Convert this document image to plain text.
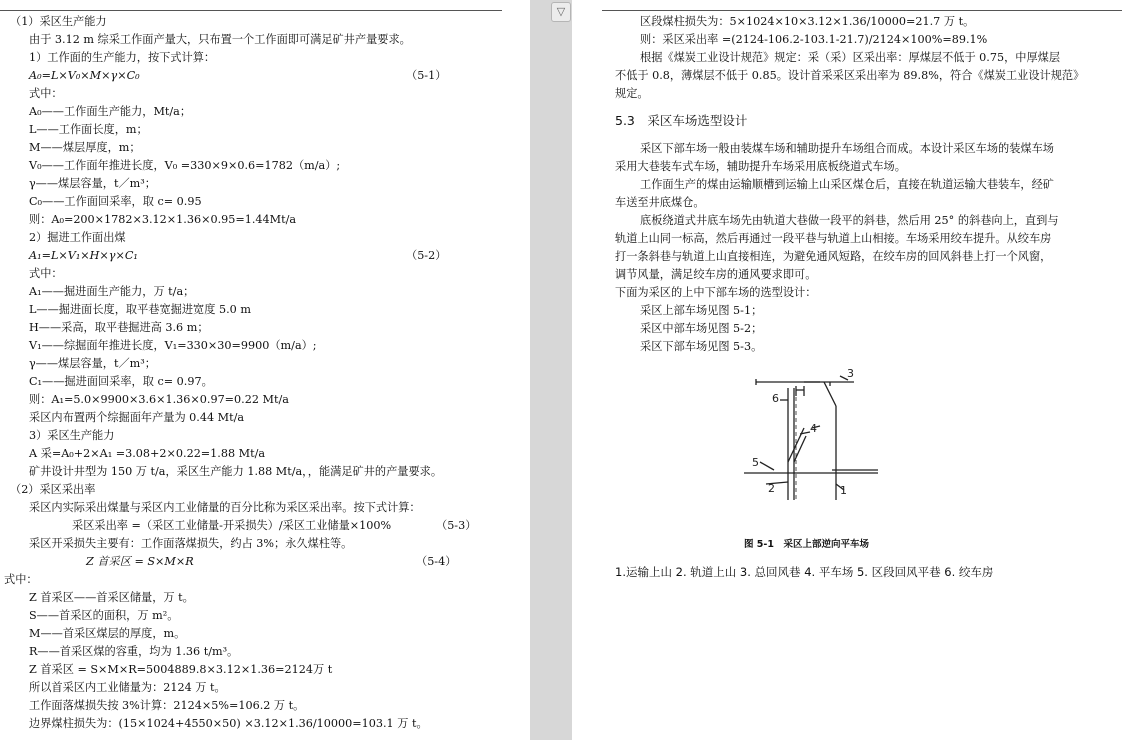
▽
（1）采区生产能力
由于 3.12 m 综采工作面产量大，只布置一个工作面即可满足矿井产量要求。
1）工作面的生产能力，按下式计算：
A₀=L×V₀×M×γ×C₀	（5-1）
式中：
A₀——工作面生产能力，Mt/a；
L——工作面长度，m；
M——煤层厚度，m；
V₀——工作面年推进长度，V₀ =330×9×0.6=1782（m/a）;
γ——煤层容量，t／m³；
C₀——工作面回采率，取 c= 0.95
则：A₀=200×1782×3.12×1.36×0.95=1.44Mt/a
2）掘进工作面出煤
A₁=L×V₁×H×γ×C₁	（5-2）
式中：
A₁——掘进面生产能力，万 t/a；
L——掘进面长度，取平巷宽掘进宽度 5.0 m
H——采高，取平巷掘进高 3.6 m；
V₁——综掘面年推进长度，V₁=330×30=9900（m/a）;
γ——煤层容量，t／m³；
C₁——掘进面回采率，取 c= 0.97。
则：A₁=5.0×9900×3.6×1.36×0.97=0.22 Mt/a
采区内布置两个综掘面年产量为 0.44 Mt/a
3）采区生产能力
A 采=A₀+2×A₁ =3.08+2×0.22=1.88 Mt/a
矿井设计井型为 150 万 t/a，采区生产能力 1.88 Mt/a，，能满足矿井的产量要求。
（2）采区采出率
采区内实际采出煤量与采区内工业储量的百分比称为采区采出率。按下式计算：
采区采出率 =（采区工业储量-开采损失）/采区工业储量×100%	（5-3）
采区开采损失主要有：工作面落煤损失，约占 3%；永久煤柱等。
Z 首采区 = S×M×R	（5-4）
式中：
Z 首采区——首采区储量，万 t。
S——首采区的面积，万 m²。
M——首采区煤层的厚度，m。
R——首采区煤的容重，均为 1.36 t/m³。
Z 首采区 = S×M×R=5004889.8×3.12×1.36=2124万 t
所以首采区内工业储量为：2124 万 t。
工作面落煤损失按 3%计算：2124×5%=106.2 万 t。
边界煤柱损失为：(15×1024+4550×50) ×3.12×1.36/10000=103.1 万 t。
区段煤柱损失为：5×1024×10×3.12×1.36/10000=21.7 万 t。
则：采区采出率 =(2124-106.2-103.1-21.7)/2124×100%=89.1%
根据《煤炭工业设计规范》规定：采（采）区采出率：厚煤层不低于 0.75，中厚煤层
不低于 0.8，薄煤层不低于 0.85。设计首采采区采出率为 89.8%，符合《煤炭工业设计规范》
规定。
5.3　采区车场选型设计
采区下部车场一般由装煤车场和辅助提升车场组合而成。本设计采区车场的装煤车场
采用大巷装车式车场，辅助提升车场采用底板绕道式车场。
工作面生产的煤由运输顺槽到运输上山采区煤仓后，直接在轨道运输大巷装车，经矿
车送至井底煤仓。
底板绕道式井底车场先由轨道大巷做一段平的斜巷，然后用 25° 的斜巷向上，直到与
轨道上山同一标高，然后再通过一段平巷与轨道上山相接。车场采用绞车提升。从绞车房
打一条斜巷与轨道上山直接相连，为避免通风短路，在绞车房的回风斜巷上打一个风窗，
调节风量，满足绞车房的通风要求即可。
下面为采区的上中下部车场的选型设计：
采区上部车场见图 5-1；
采区中部车场见图 5-2；
采区下部车场见图 5-3。
3
6
4
5
2	1
图 5-1　采区上部逆向平车场
1.运输上山 2. 轨道上山 3. 总回风巷 4. 平车场 5. 区段回风平巷 6. 绞车房
